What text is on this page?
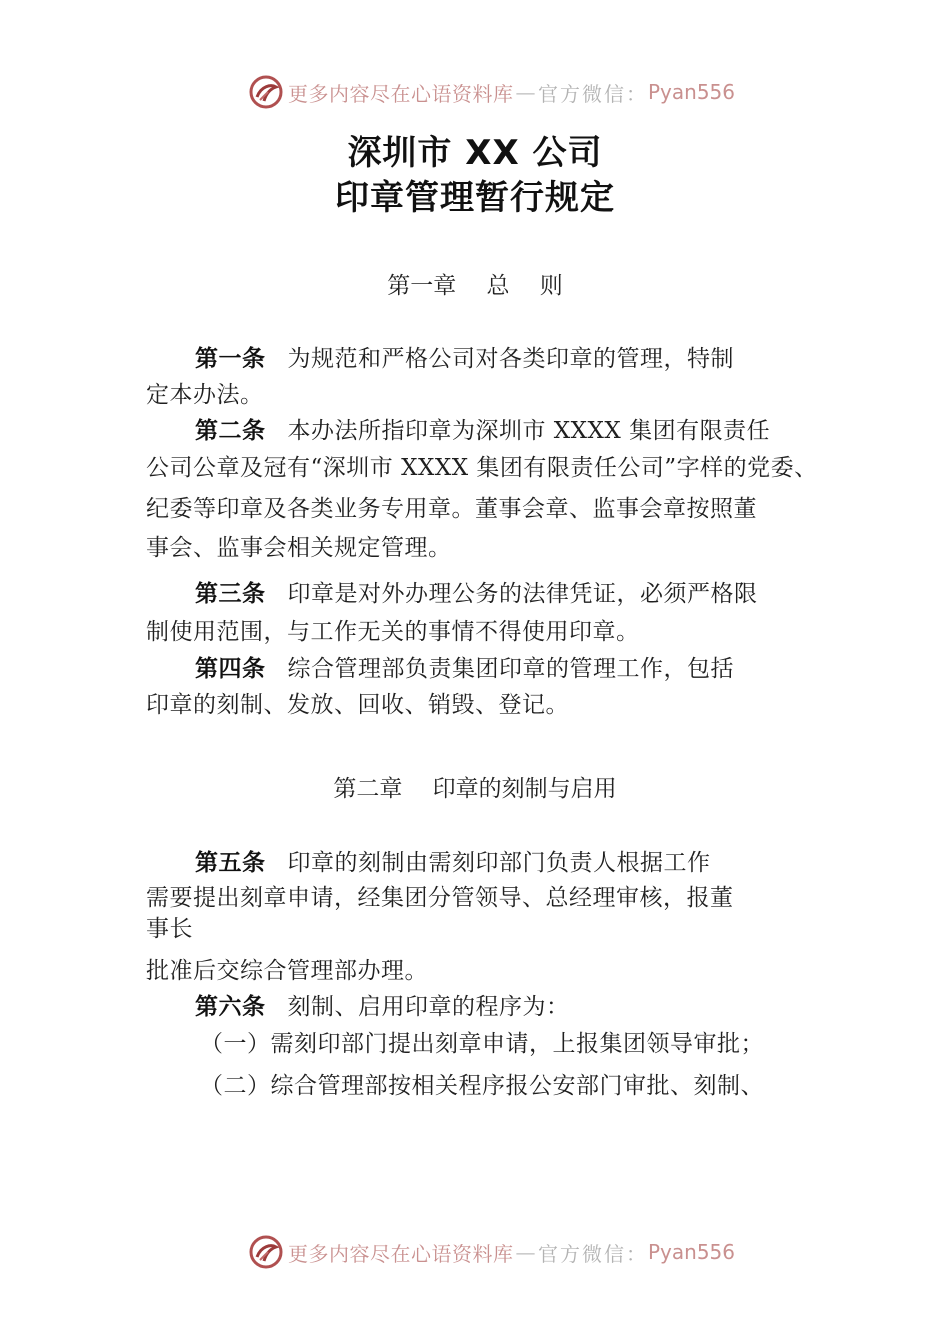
更多内容尽在心语资料库 — 官方微信： Pyan556
深圳市 XX 公司
印章管理暂行规定
第一章　 总　 则
第一条 为规范和严格公司对各类印章的管理，特制
定本办法。
第二条 本办法所指印章为深圳市 XXXX 集团有限责任
公司公章及冠有“深圳市 XXXX 集团有限责任公司”字样的党委、
纪委等印章及各类业务专用章。董事会章、监事会章按照董
事会、监事会相关规定管理。
第三条 印章是对外办理公务的法律凭证，必须严格限
制使用范围，与工作无关的事情不得使用印章。
第四条 综合管理部负责集团印章的管理工作，包括
印章的刻制、发放、回收、销毁、登记。
第二章　 印章的刻制与启用
第五条 印章的刻制由需刻印部门负责人根据工作
需要提出刻章申请，经集团分管领导、总经理审核，报董
事长
批准后交综合管理部办理。
第六条 刻制、启用印章的程序为：
（一）需刻印部门提出刻章申请，上报集团领导审批；
（二）综合管理部按相关程序报公安部门审批、刻制、
更多内容尽在心语资料库 — 官方微信： Pyan556
